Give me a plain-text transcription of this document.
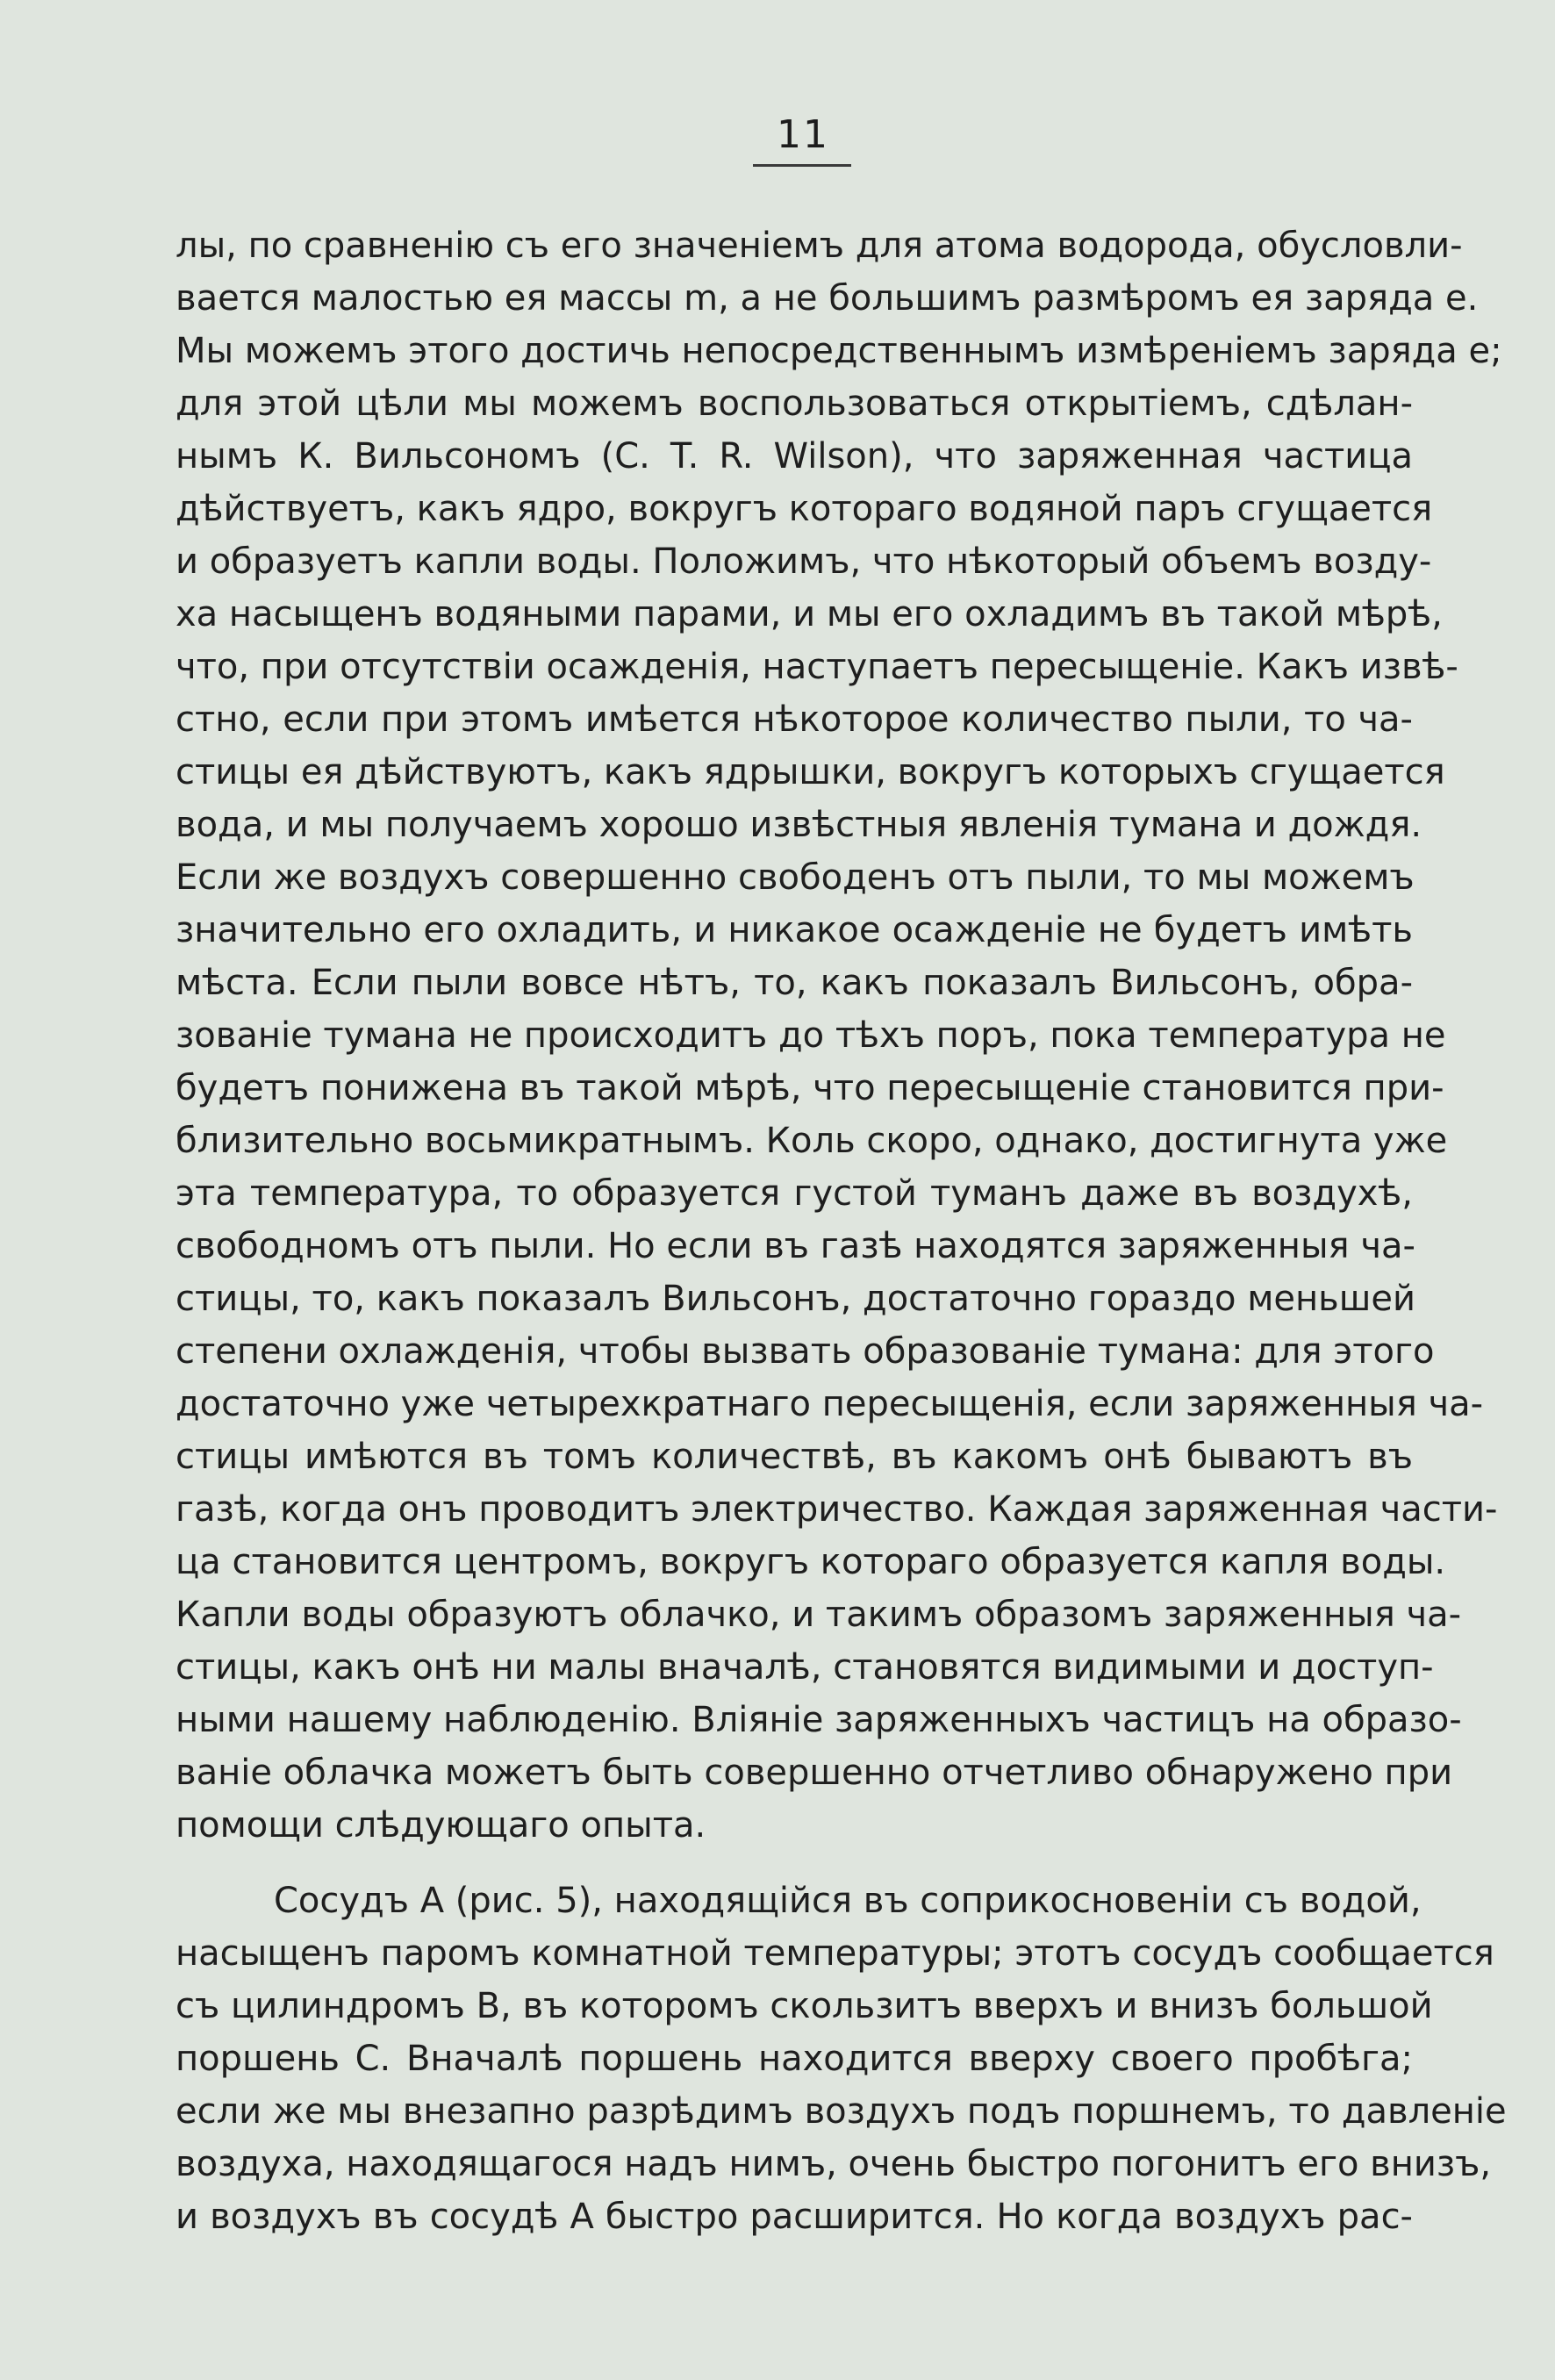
11
лы, по сравненію съ его значеніемъ для атома водорода, обусловли-
вается малостью ея массы m, а не большимъ размѣромъ ея заряда e.
Мы можемъ этого достичь непосредственнымъ измѣреніемъ заряда e;
для этой цѣли мы можемъ воспользоваться открытіемъ, сдѣлан-
нымъ К. Вильсономъ (C. T. R. Wilson), что заряженная частица
дѣйствуетъ, какъ ядро, вокругъ котораго водяной паръ сгущается
и образуетъ капли воды. Положимъ, что нѣкоторый объемъ возду-
ха насыщенъ водяными парами, и мы его охладимъ въ такой мѣрѣ,
что, при отсутствіи осажденія, наступаетъ пересыщеніе. Какъ извѣ-
стно, если при этомъ имѣется нѣкоторое количество пыли, то ча-
стицы ея дѣйствуютъ, какъ ядрышки, вокругъ которыхъ сгущается
вода, и мы получаемъ хорошо извѣстныя явленія тумана и дождя.
Если же воздухъ совершенно свободенъ отъ пыли, то мы можемъ
значительно его охладить, и никакое осажденіе не будетъ имѣть
мѣста. Если пыли вовсе нѣтъ, то, какъ показалъ Вильсонъ, обра-
зованіе тумана не происходитъ до тѣхъ поръ, пока температура не
будетъ понижена въ такой мѣрѣ, что пересыщеніе становится при-
близительно восьмикратнымъ. Коль скоро, однако, достигнута уже
эта температура, то образуется густой туманъ даже въ воздухѣ,
свободномъ отъ пыли. Но если въ газѣ находятся заряженныя ча-
стицы, то, какъ показалъ Вильсонъ, достаточно гораздо меньшей
степени охлажденія, чтобы вызвать образованіе тумана: для этого
достаточно уже четырехкратнаго пересыщенія, если заряженныя ча-
стицы имѣются въ томъ количествѣ, въ какомъ онѣ бываютъ въ
газѣ, когда онъ проводитъ электричество. Каждая заряженная части-
ца становится центромъ, вокругъ котораго образуется капля воды.
Капли воды образуютъ облачко, и такимъ образомъ заряженныя ча-
стицы, какъ онѣ ни малы вначалѣ, становятся видимыми и доступ-
ными нашему наблюденію. Вліяніе заряженныхъ частицъ на образо-
ваніе облачка можетъ быть совершенно отчетливо обнаружено при
помощи слѣдующаго опыта.
Сосудъ A (рис. 5), находящійся въ соприкосновеніи съ водой,
насыщенъ паромъ комнатной температуры; этотъ сосудъ сообщается
съ цилиндромъ B, въ которомъ скользитъ вверхъ и внизъ большой
поршень C. Вначалѣ поршень находится вверху своего пробѣга;
если же мы внезапно разрѣдимъ воздухъ подъ поршнемъ, то давленіе
воздуха, находящагося надъ нимъ, очень быстро погонитъ его внизъ,
и воздухъ въ сосудѣ A быстро расширится. Но когда воздухъ рас-
